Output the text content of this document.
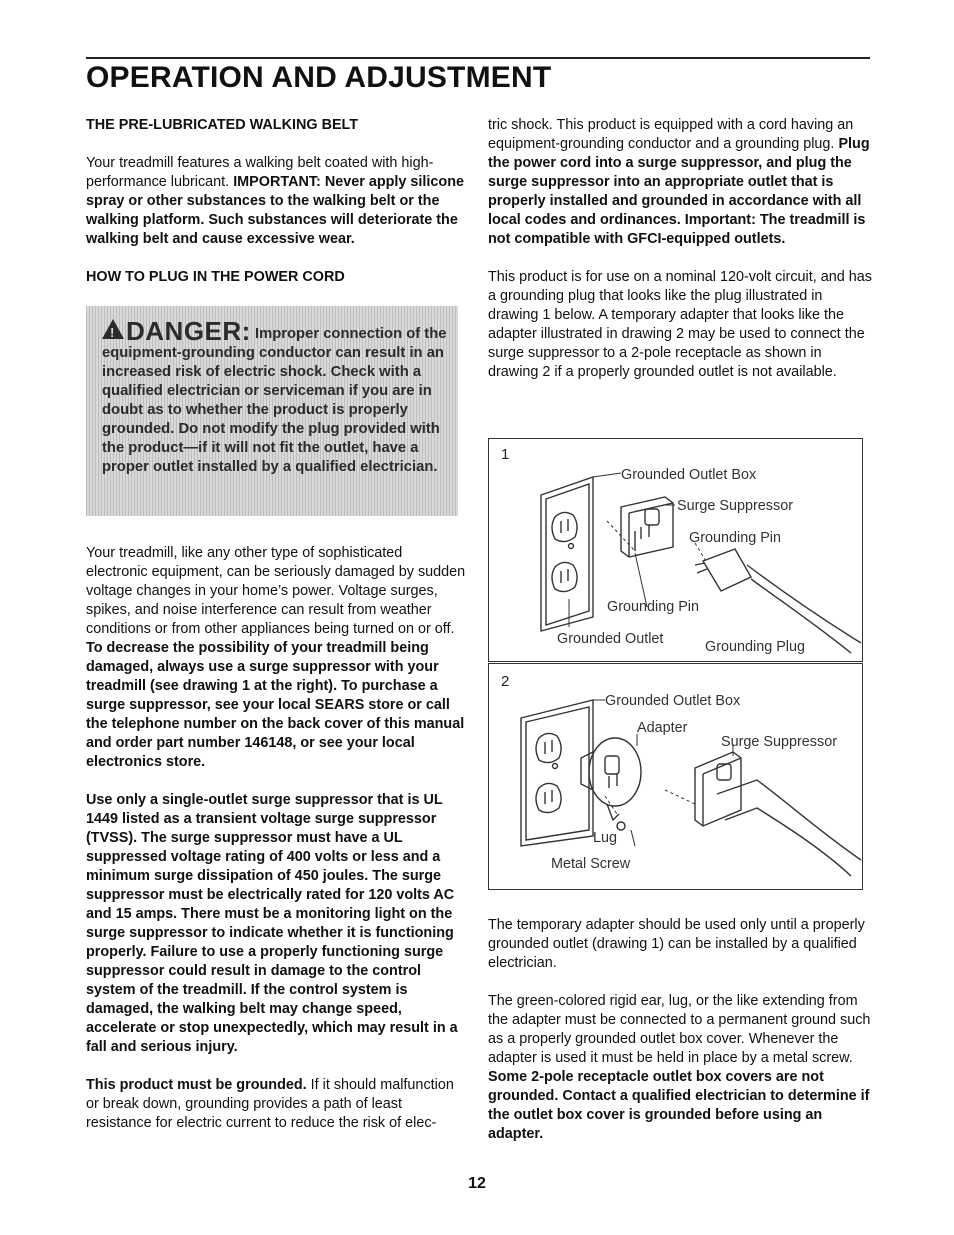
OPERATION AND ADJUSTMENT
THE PRE-LUBRICATED WALKING BELT

Your treadmill features a walking belt coated with high-performance lubricant. IMPORTANT: Never apply silicone spray or other substances to the walking belt or the walking platform. Such substances will deteriorate the walking belt and cause excessive wear.

HOW TO PLUG IN THE POWER CORD
!DANGER: Improper connection of the equipment-grounding conductor can result in an increased risk of electric shock. Check with a qualified electrician or serviceman if you are in doubt as to whether the product is properly grounded. Do not modify the plug provided with the product—if it will not fit the outlet, have a proper outlet installed by a qualified electrician.

Your treadmill, like any other type of sophisticated electronic equipment, can be seriously damaged by sudden voltage changes in your home’s power. Voltage surges, spikes, and noise interference can result from weather conditions or from other appliances being turned on or off. To decrease the possibility of your treadmill being damaged, always use a surge suppressor with your treadmill (see drawing 1 at the right). To purchase a surge suppressor, see your local SEARS store or call the telephone number on the back cover of this manual and order part number 146148, or see your local electronics store.

Use only a single-outlet surge suppressor that is UL 1449 listed as a transient voltage surge suppressor (TVSS). The surge suppressor must have a UL suppressed voltage rating of 400 volts or less and a minimum surge dissipation of 450 joules. The surge suppressor must be electrically rated for 120 volts AC and 15 amps. There must be a monitoring light on the surge suppressor to indicate whether it is functioning properly. Failure to use a properly functioning surge suppressor could result in damage to the control system of the treadmill. If the control system is damaged, the walking belt may change speed, accelerate or stop unexpectedly, which may result in a fall and serious injury.

This product must be grounded. If it should malfunction or break down, grounding provides a path of least resistance for electric current to reduce the risk of elec-

tric shock. This product is equipped with a cord having an equipment-grounding conductor and a grounding plug. Plug the power cord into a surge suppressor, and plug the surge suppressor into an appropriate outlet that is properly installed and grounded in accordance with all local codes and ordinances. Important: The treadmill is not compatible with GFCI-equipped outlets.

This product is for use on a nominal 120-volt circuit, and has a grounding plug that looks like the plug illustrated in drawing 1 below. A temporary adapter that looks like the adapter illustrated in drawing 2 may be used to connect the surge suppressor to a 2-pole receptacle as shown in drawing 2 if a properly grounded outlet is not available.

1
Grounded Outlet Box
Surge Suppressor
Grounding Pin
Grounding Pin
Grounded Outlet	Grounding Plug
2
Grounded Outlet Box
Adapter
Surge Suppressor
Lug
Metal Screw

The temporary adapter should be used only until a properly grounded outlet (drawing 1) can be installed by a qualified electrician.

The green-colored rigid ear, lug, or the like extending from the adapter must be connected to a permanent ground such as a properly grounded outlet box cover. Whenever the adapter is used it must be held in place by a metal screw. Some 2-pole receptacle outlet box covers are not grounded. Contact a qualified electrician to determine if the outlet box cover is grounded before using an adapter.

12
